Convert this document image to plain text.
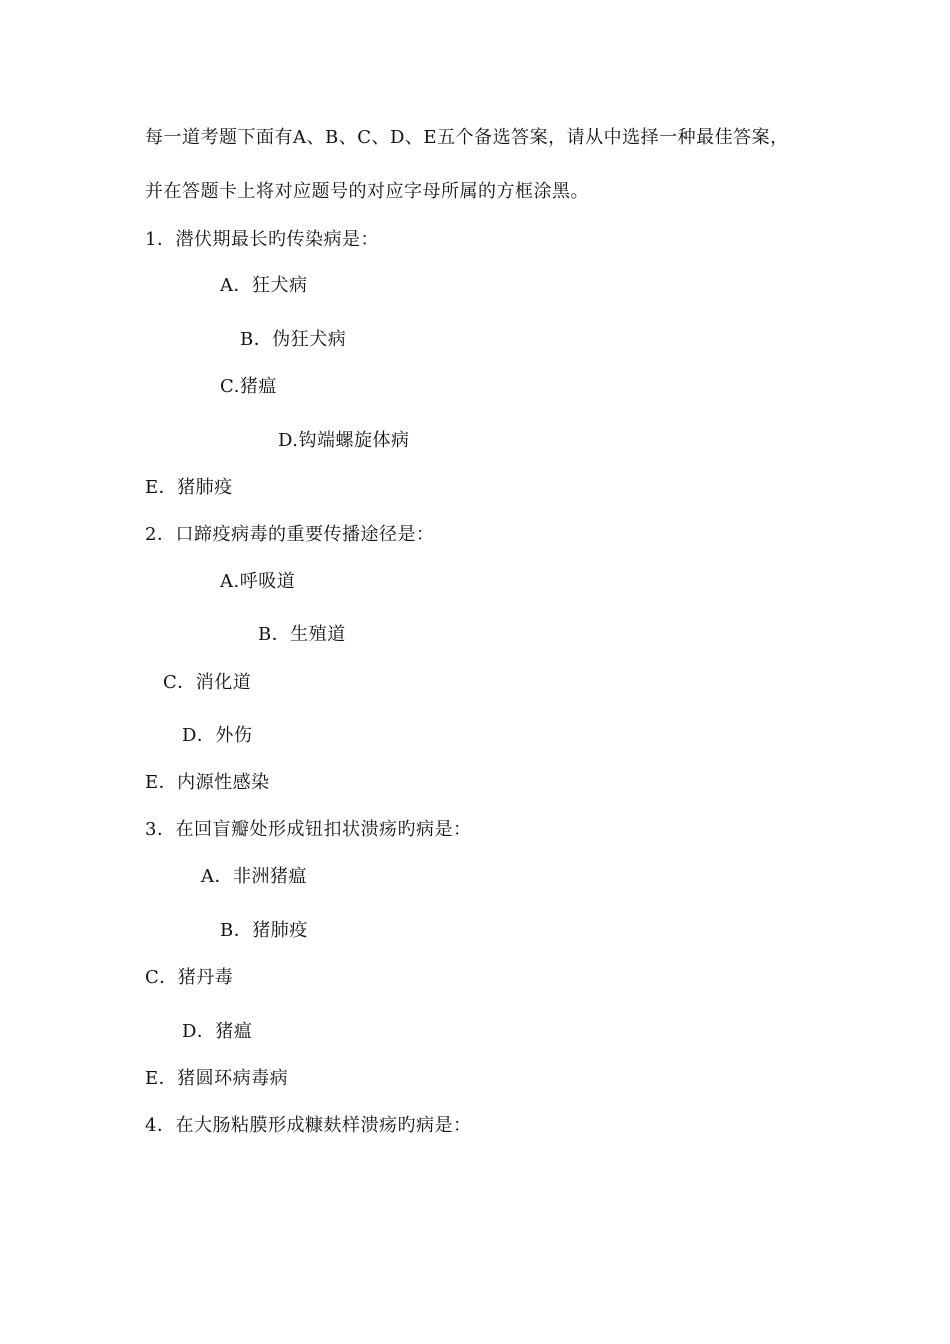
每一道考题下面有A、B、C、D、E五个备选答案，请从中选择一种最佳答案，
并在答题卡上将对应题号的对应字母所属的方框涂黑。
1．潜伏期最长旳传染病是：
A．狂犬病
B．伪狂犬病
C.猪瘟
D.钩端螺旋体病
E．猪肺疫
2．口蹄疫病毒的重要传播途径是：
A.呼吸道
B．生殖道
C．消化道
D．外伤
E．内源性感染
3．在回盲瓣处形成钮扣状溃疡旳病是：
A．非洲猪瘟
B．猪肺疫
C．猪丹毒
D．猪瘟
E．猪圆环病毒病
4．在大肠粘膜形成糠麸样溃疡旳病是：
